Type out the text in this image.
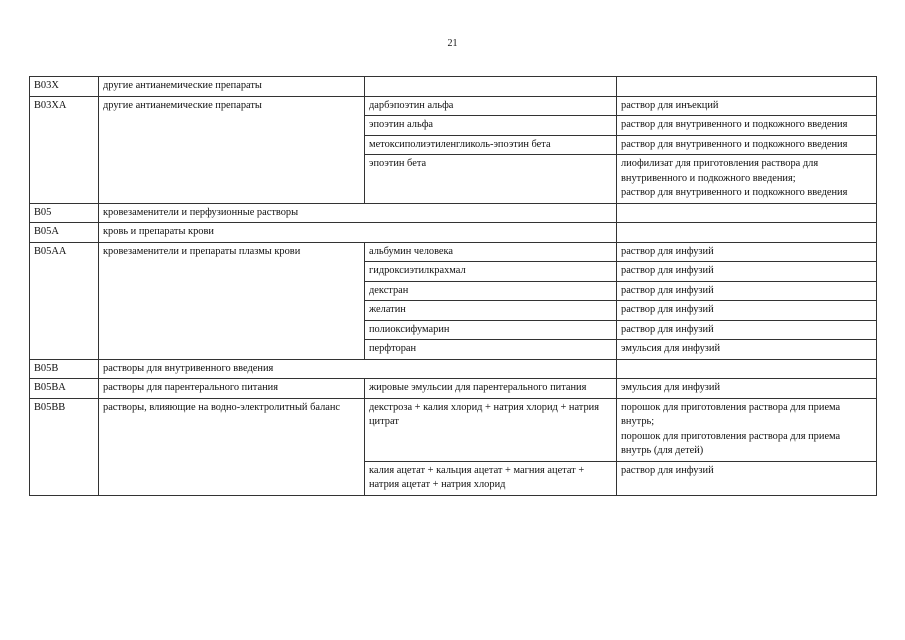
21
B03X	другие антианемические препараты		
B03XA	другие антианемические препараты	дарбэпоэтин альфа	раствор для инъекций

		эпоэтин альфа	раствор для внутривенного и подкожного введения

		метоксиполиэтиленгликоль-эпоэтин бета	раствор для внутривенного и подкожного введения

		эпоэтин бета	лиофилизат для приготовления раствора для внутривенного и подкожного введения;
раствор для внутривенного и подкожного введения

B05	кровезаменители и перфузионные растворы		
B05A	кровь и препараты крови		
B05AA	кровезаменители и препараты плазмы крови	альбумин человека	раствор для инфузий

		гидроксиэтилкрахмал	раствор для инфузий

		декстран	раствор для инфузий

		желатин	раствор для инфузий

		полиоксифумарин	раствор для инфузий

		перфторан	эмульсия для инфузий

B05B	растворы для внутривенного введения		
B05BA	растворы для парентерального питания	жировые эмульсии для парентерального питания	эмульсия для инфузий

B05BB	растворы, влияющие на водно-электролитный баланс	декстроза + калия хлорид + натрия хлорид + натрия цитрат	порошок для приготовления раствора для приема внутрь;
порошок для приготовления раствора для приема внутрь (для детей)

		калия ацетат + кальция ацетат + магния ацетат + натрия ацетат + натрия хлорид	раствор для инфузий
